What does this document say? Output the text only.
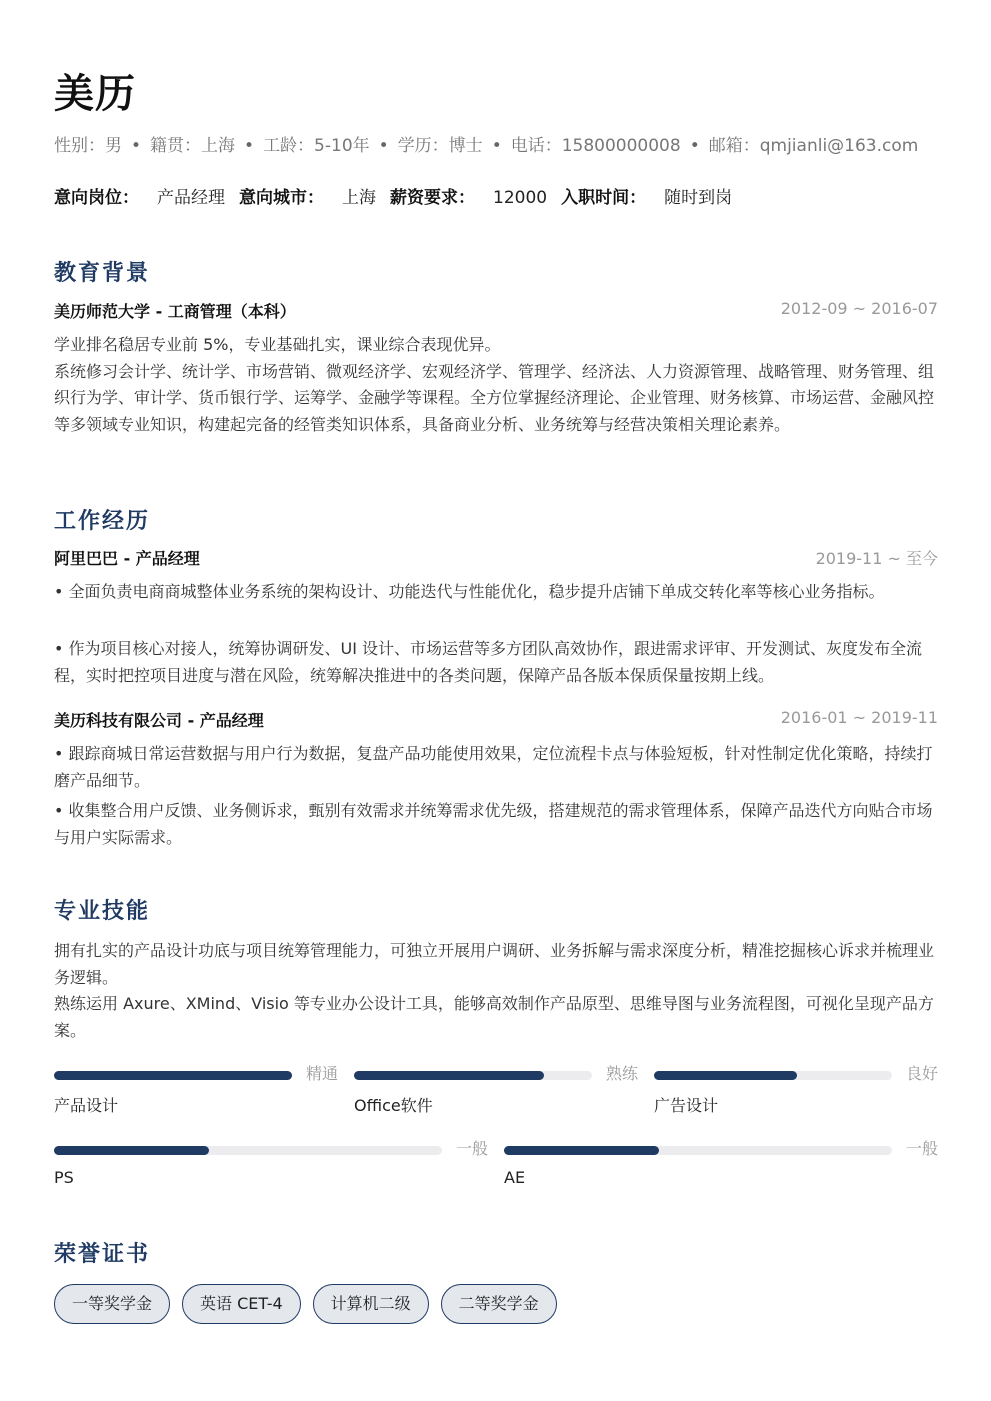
美历
性别：男 • 籍贯：上海 • 工龄：5-10年 • 学历：博士 • 电话：15800000008 • 邮箱：qmjianli@163.com
意向岗位： 产品经理 意向城市： 上海 薪资要求： 12000 入职时间： 随时到岗
教育背景
美历师范大学 - 工商管理（本科）	2012-09 ~ 2016-07

学业排名稳居专业前 5%，专业基础扎实，课业综合表现优异。

系统修习会计学、统计学、市场营销、微观经济学、宏观经济学、管理学、经济法、人力资源管理、战略管理、财务管理、组织行为学、审计学、货币银行学、运筹学、金融学等课程。全方位掌握经济理论、企业管理、财务核算、市场运营、金融风控等多领域专业知识，构建起完备的经管类知识体系，具备商业分析、业务统筹与经营决策相关理论素养。

工作经历
阿里巴巴 - 产品经理	2019-11 ~ 至今
• 全面负责电商商城整体业务系统的架构设计、功能迭代与性能优化，稳步提升店铺下单成交转化率等核心业务指标。
• 作为项目核心对接人，统筹协调研发、UI 设计、市场运营等多方团队高效协作，跟进需求评审、开发测试、灰度发布全流程，实时把控项目进度与潜在风险，统筹解决推进中的各类问题，保障产品各版本保质保量按期上线。
美历科技有限公司 - 产品经理	2016-01 ~ 2019-11
• 跟踪商城日常运营数据与用户行为数据，复盘产品功能使用效果，定位流程卡点与体验短板，针对性制定优化策略，持续打磨产品细节。
• 收集整合用户反馈、业务侧诉求，甄别有效需求并统筹需求优先级，搭建规范的需求管理体系，保障产品迭代方向贴合市场与用户实际需求。
专业技能

拥有扎实的产品设计功底与项目统筹管理能力，可独立开展用户调研、业务拆解与需求深度分析，精准挖掘核心诉求并梳理业务逻辑。

熟练运用 Axure、XMind、Visio 等专业办公设计工具，能够高效制作产品原型、思维导图与业务流程图，可视化呈现产品方案。

精通
产品设计
熟练
Office软件
良好
广告设计
一般
PS
一般
AE
荣誉证书
一等奖学金	英语 CET-4	计算机二级	二等奖学金
